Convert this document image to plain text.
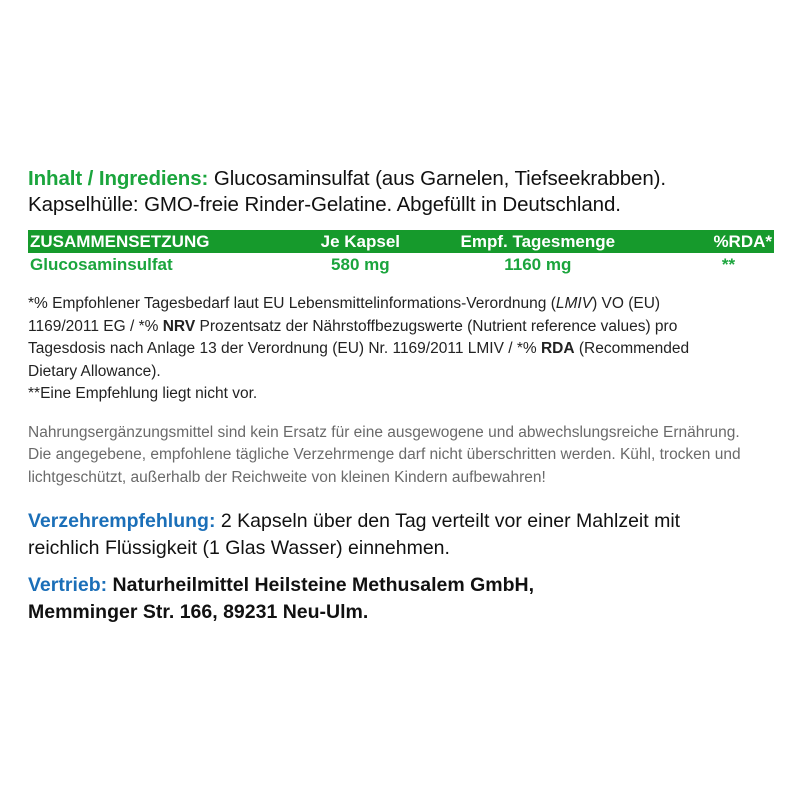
Inhalt / Ingrediens: Glucosaminsulfat (aus Garnelen, Tiefseekrabben). Kapselhülle: GMO-freie Rinder-Gelatine. Abgefüllt in Deutschland.

ZUSAMMENSETZUNG	Je Kapsel	Empf. Tagesmenge	%RDA*
Glucosaminsulfat	580 mg	1160 mg	**

*% Empfohlener Tagesbedarf laut EU Lebensmittelinformations-Verordnung (LMIV) VO (EU) 1169/2011 EG / *% NRV Prozentsatz der Nährstoffbezugswerte (Nutrient reference values) pro Tagesdosis nach Anlage 13 der Verordnung (EU) Nr. 1169/2011 LMIV / *% RDA (Recommended Dietary Allowance).
**Eine Empfehlung liegt nicht vor.

Nahrungsergänzungsmittel sind kein Ersatz für eine ausgewogene und abwechslungsreiche Ernährung. Die angegebene, empfohlene tägliche Verzehrmenge darf nicht überschritten werden. Kühl, trocken und lichtgeschützt, außerhalb der Reichweite von kleinen Kindern aufbewahren!

Verzehrempfehlung: 2 Kapseln über den Tag verteilt vor einer Mahlzeit mit reichlich Flüssigkeit (1 Glas Wasser) einnehmen.

Vertrieb: Naturheilmittel Heilsteine Methusalem GmbH,
Memminger Str. 166, 89231 Neu-Ulm.
